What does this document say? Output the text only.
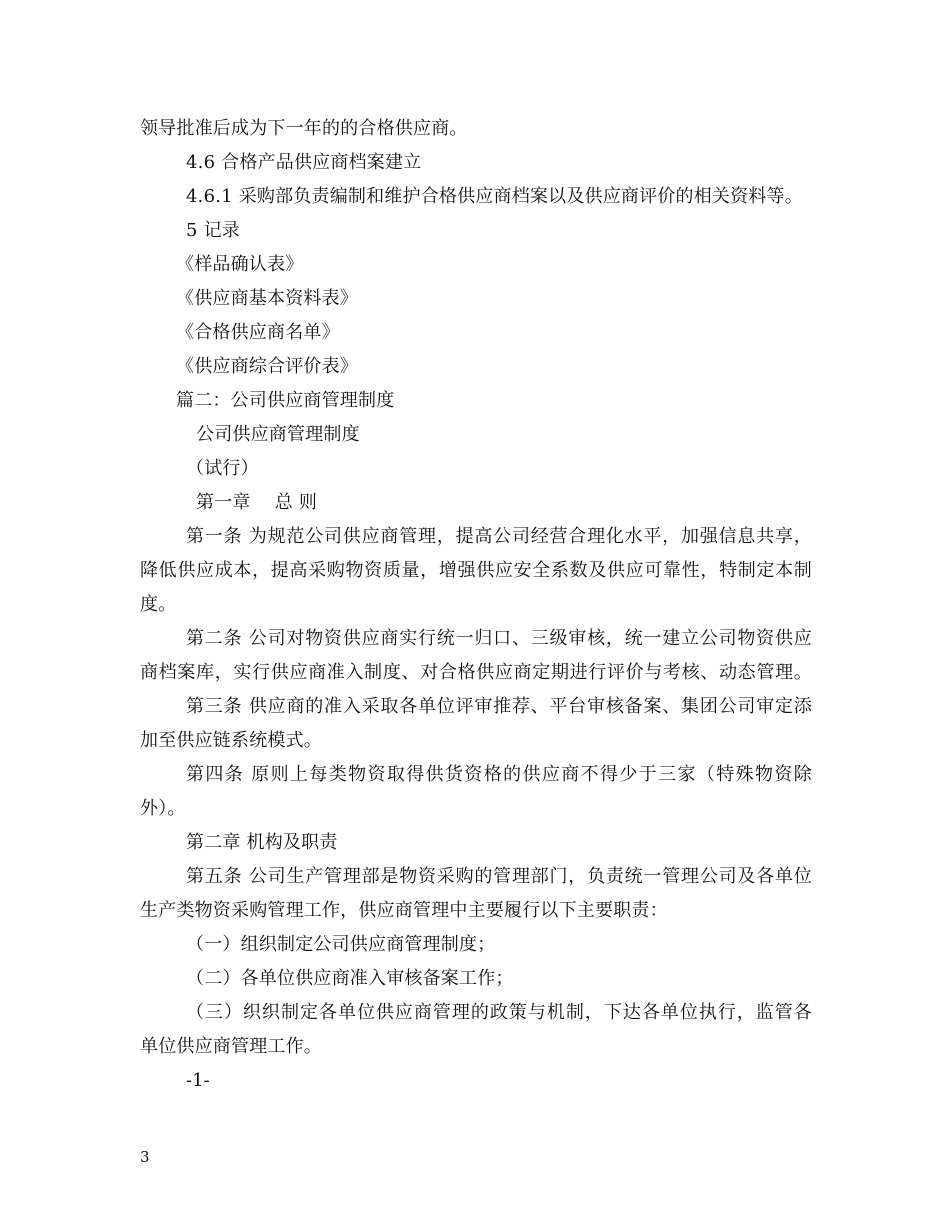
领导批准后成为下一年的的合格供应商。
4.6 合格产品供应商档案建立
4.6.1 采购部负责编制和维护合格供应商档案以及供应商评价的相关资料等。
5 记录
《样品确认表》
《供应商基本资料表》
《合格供应商名单》
《供应商综合评价表》
篇二：公司供应商管理制度
公司供应商管理制度
（试行）
第一章　 总 则
第一条 为规范公司供应商管理，提高公司经营合理化水平，加强信息共享，
降低供应成本，提高采购物资质量，增强供应安全系数及供应可靠性，特制定本制
度。
第二条 公司对物资供应商实行统一归口、三级审核，统一建立公司物资供应
商档案库，实行供应商准入制度、对合格供应商定期进行评价与考核、动态管理。
第三条 供应商的准入采取各单位评审推荐、平台审核备案、集团公司审定添
加至供应链系统模式。
第四条 原则上每类物资取得供货资格的供应商不得少于三家（特殊物资除
外）。
第二章 机构及职责
第五条 公司生产管理部是物资采购的管理部门，负责统一管理公司及各单位
生产类物资采购管理工作，供应商管理中主要履行以下主要职责：
（一）组织制定公司供应商管理制度；
（二）各单位供应商准入审核备案工作；
（三）织织制定各单位供应商管理的政策与机制，下达各单位执行，监管各
单位供应商管理工作。
-1-
3
